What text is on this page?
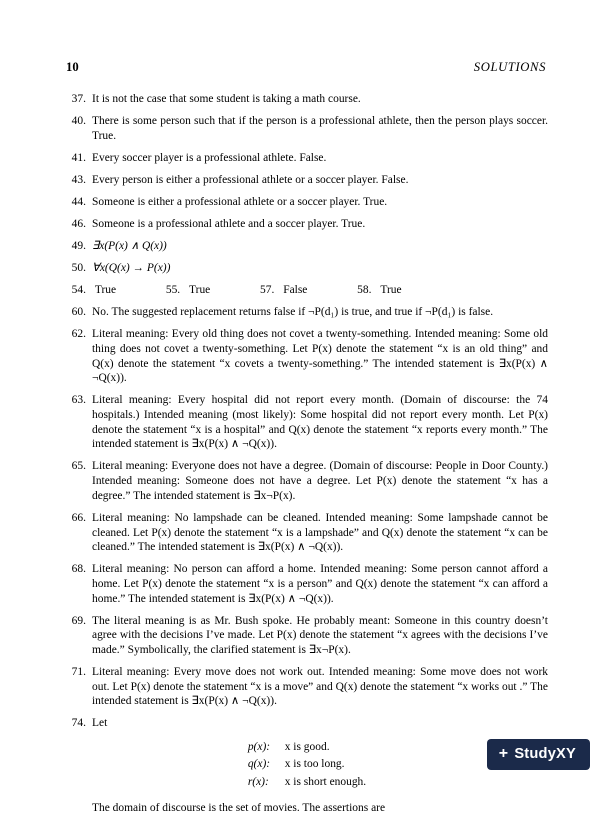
10	SOLUTIONS
37. It is not the case that some student is taking a math course.
40. There is some person such that if the person is a professional athlete, then the person plays soccer. True.
41. Every soccer player is a professional athlete. False.
43. Every person is either a professional athlete or a soccer player. False.
44. Someone is either a professional athlete or a soccer player. True.
46. Someone is a professional athlete and a soccer player. True.
49. ∃x(P(x) ∧ Q(x))
50. ∀x(Q(x) → P(x))
54. True	55. True	57. False	58. True
60. No. The suggested replacement returns false if ¬P(d₁) is true, and true if ¬P(d₁) is false.
62. Literal meaning: Every old thing does not covet a twenty-something. Intended meaning: Some old thing does not covet a twenty-something. Let P(x) denote the statement “x is an old thing” and Q(x) denote the statement “x covets a twenty-something.” The intended statement is ∃x(P(x) ∧ ¬Q(x)).
63. Literal meaning: Every hospital did not report every month. (Domain of discourse: the 74 hospitals.) Intended meaning (most likely): Some hospital did not report every month. Let P(x) denote the statement “x is a hospital” and Q(x) denote the statement “x reports every month.” The intended statement is ∃x(P(x) ∧ ¬Q(x)).
65. Literal meaning: Everyone does not have a degree. (Domain of discourse: People in Door County.) Intended meaning: Someone does not have a degree. Let P(x) denote the statement “x has a degree.” The intended statement is ∃x¬P(x).
66. Literal meaning: No lampshade can be cleaned. Intended meaning: Some lampshade cannot be cleaned. Let P(x) denote the statement “x is a lampshade” and Q(x) denote the statement “x can be cleaned.” The intended statement is ∃x(P(x) ∧ ¬Q(x)).
68. Literal meaning: No person can afford a home. Intended meaning: Some person cannot afford a home. Let P(x) denote the statement “x is a person” and Q(x) denote the statement “x can afford a home.” The intended statement is ∃x(P(x) ∧ ¬Q(x)).
69. The literal meaning is as Mr. Bush spoke. He probably meant: Someone in this country doesn’t agree with the decisions I’ve made. Let P(x) denote the statement “x agrees with the decisions I’ve made.” Symbolically, the clarified statement is ∃x¬P(x).
71. Literal meaning: Every move does not work out. Intended meaning: Some move does not work out. Let P(x) denote the statement “x is a move” and Q(x) denote the statement “x works out .” The intended statement is ∃x(P(x) ∧ ¬Q(x)).
74. Let
p(x): x is good.
q(x): x is too long.
r(x): x is short enough.
The domain of discourse is the set of movies. The assertions are
+ StudyXY
